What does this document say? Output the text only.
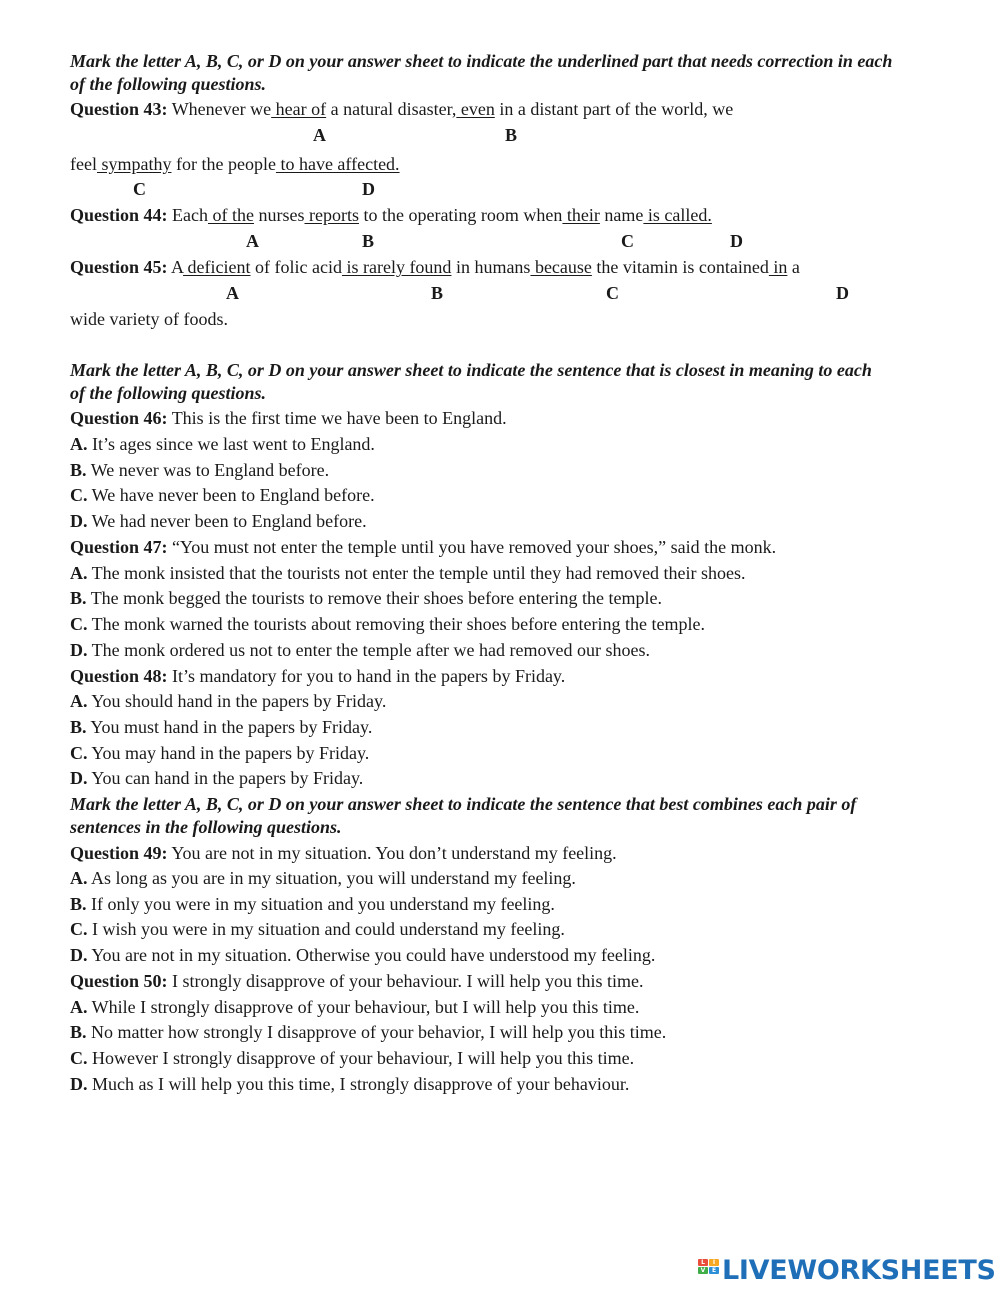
Mark the letter A, B, C, or D on your answer sheet to indicate the underlined part that needs correction in each
of the following questions.
Question 43: Whenever we hear of a natural disaster, even in a distant part of the world, we
A	B
feel sympathy for the people to have affected.
C	D
Question 44: Each of the nurses reports to the operating room when their name is called.
A	B	C	D
Question 45: A deficient of folic acid is rarely found in humans because the vitamin is contained in a
A	B	C	D
wide variety of foods.
Mark the letter A, B, C, or D on your answer sheet to indicate the sentence that is closest in meaning to each
of the following questions.
Question 46: This is the first time we have been to England.
A. It’s ages since we last went to England.
B. We never was to England before.
C. We have never been to England before.
D. We had never been to England before.
Question 47: “You must not enter the temple until you have removed your shoes,” said the monk.
A. The monk insisted that the tourists not enter the temple until they had removed their shoes.
B. The monk begged the tourists to remove their shoes before entering the temple.
C. The monk warned the tourists about removing their shoes before entering the temple.
D. The monk ordered us not to enter the temple after we had removed our shoes.
Question 48: It’s mandatory for you to hand in the papers by Friday.
A. You should hand in the papers by Friday.
B. You must hand in the papers by Friday.
C. You may hand in the papers by Friday.
D. You can hand in the papers by Friday.
Mark the letter A, B, C, or D on your answer sheet to indicate the sentence that best combines each pair of
sentences in the following questions.
Question 49: You are not in my situation. You don’t understand my feeling.
A. As long as you are in my situation, you will understand my feeling.
B. If only you were in my situation and you understand my feeling.
C. I wish you were in my situation and could understand my feeling.
D. You are not in my situation. Otherwise you could have understood my feeling.
Question 50: I strongly disapprove of your behaviour. I will help you this time.
A. While I strongly disapprove of your behaviour, but I will help you this time.
B. No matter how strongly I disapprove of your behavior, I will help you this time.
C. However I strongly disapprove of your behaviour, I will help you this time.
D. Much as I will help you this time, I strongly disapprove of your behaviour.
L	I
V	E LIVEWORKSHEETS
